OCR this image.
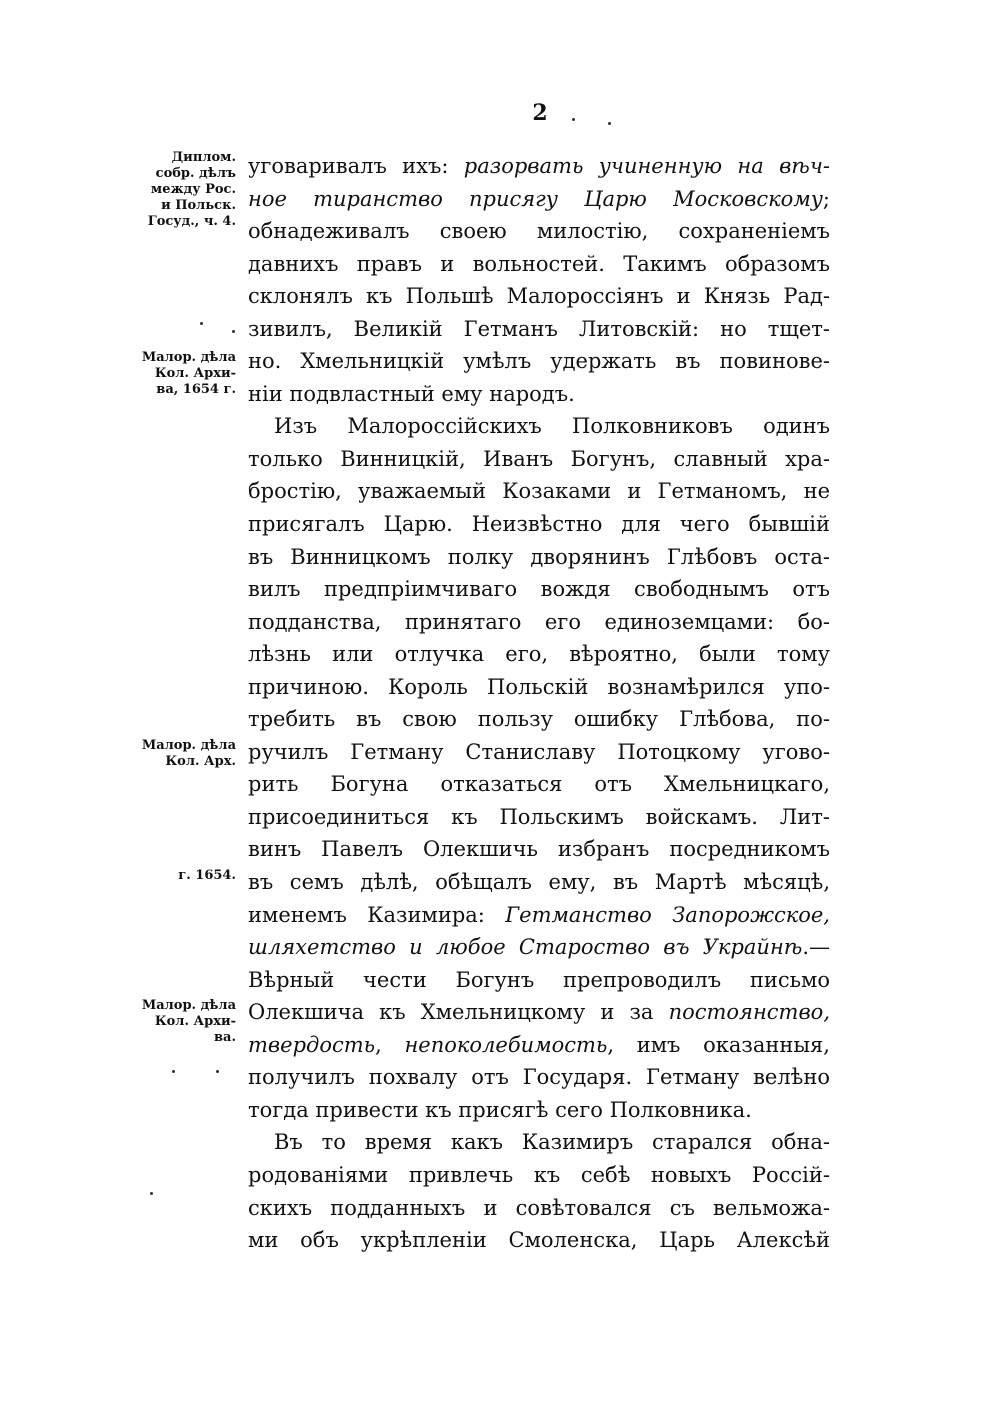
2
Диплом.
собр. дѣлъ
между Рос.
и Польск.
Госуд., ч. 4.
Малор. дѣла
Кол. Архи-
ва, 1654 г.
Малор. дѣла
Кол. Арх.
г. 1654.
Малор. дѣла
Кол. Архи-
ва.
уговаривалъ ихъ: разорвать учиненную на вѣч-
ное тиранство присягу Царю Московскому;
обнадеживалъ своею милостію, сохраненіемъ
давнихъ правъ и вольностей. Такимъ образомъ
склонялъ къ Польшѣ Малороссіянъ и Князь Рад-
зивилъ, Великій Гетманъ Литовскій: но тщет-
но. Хмельницкій умѣлъ удержать въ повинове-
ніи подвластный ему народъ.
Изъ Малороссійскихъ Полковниковъ одинъ
только Винницкій, Иванъ Богунъ, славный хра-
бростію, уважаемый Козаками и Гетманомъ, не
присягалъ Царю. Неизвѣстно для чего бывшій
въ Винницкомъ полку дворянинъ Глѣбовъ оста-
вилъ предпріимчиваго вождя свободнымъ отъ
подданства, принятаго его единоземцами: бо-
лѣзнь или отлучка его, вѣроятно, были тому
причиною. Король Польскій вознамѣрился упо-
требить въ свою пользу ошибку Глѣбова, по-
ручилъ Гетману Станиславу Потоцкому угово-
рить Богуна отказаться отъ Хмельницкаго,
присоединиться къ Польскимъ войскамъ. Лит-
винъ Павелъ Олекшичь избранъ посредникомъ
въ семъ дѣлѣ, обѣщалъ ему, въ Мартѣ мѣсяцѣ,
именемъ Казимира: Гетманство Запорожское,
шляхетство и любое Староство въ Украйнѣ.—
Вѣрный чести Богунъ препроводилъ письмо
Олекшича къ Хмельницкому и за постоянство,
твердость, непоколебимость, имъ оказанныя,
получилъ похвалу отъ Государя. Гетману велѣно
тогда привести къ присягѣ сего Полковника.
Въ то время какъ Казимиръ старался обна-
родованіями привлечь къ себѣ новыхъ Россій-
скихъ подданныхъ и совѣтовался съ вельможа-
ми объ укрѣпленіи Смоленска, Царь Алексѣй
